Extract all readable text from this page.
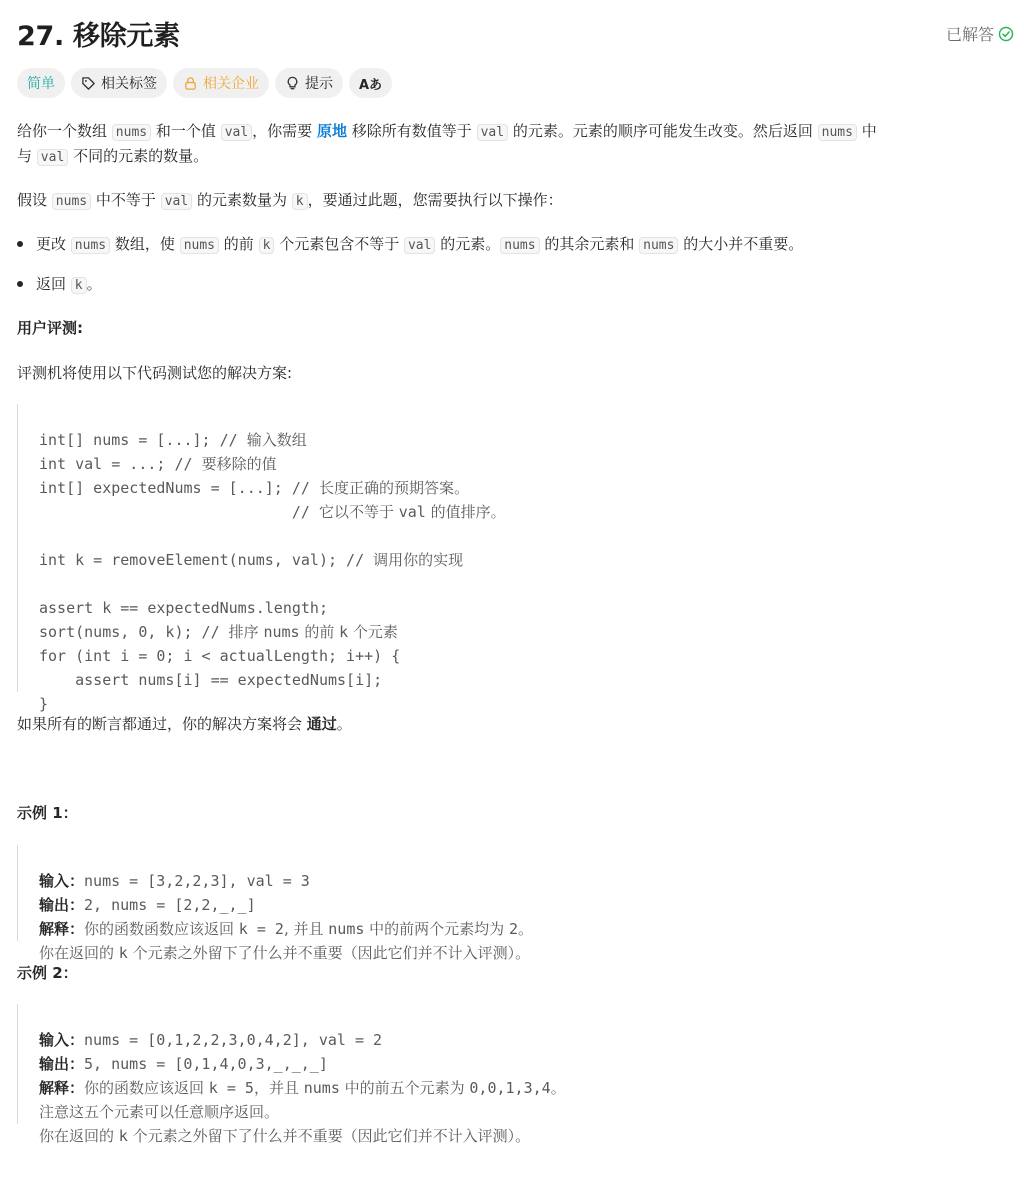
27. 移除元素	已解答
简单	相关标签	相关企业	提示 Aあ
给你一个数组 nums 和一个值 val ，你需要 原地 移除所有数值等于 val 的元素。元素的顺序可能发生改变。然后返回 nums 中
与 val 不同的元素的数量。
假设 nums 中不等于 val 的元素数量为 k ，要通过此题，您需要执行以下操作：
更改 nums 数组，使 nums 的前 k 个元素包含不等于 val 的元素。 nums 的其余元素和 nums 的大小并不重要。
返回 k 。
用户评测:
评测机将使用以下代码测试您的解决方案:

int[] nums = [...]; // 输入数组
int val = ...; // 要移除的值
int[] expectedNums = [...]; // 长度正确的预期答案。
// 它以不等于 val 的值排序。
int k = removeElement(nums, val); // 调用你的实现
assert k == expectedNums.length;
sort(nums, 0, k); // 排序 nums 的前 k 个元素
for (int i = 0; i < actualLength; i++) {
assert nums[i] == expectedNums[i];
}
如果所有的断言都通过，你的解决方案将会 通过。
示例 1：

输入：nums = [3,2,2,3], val = 3
输出：2, nums = [2,2,_,_]
解释：你的函数函数应该返回 k = 2, 并且 nums 中的前两个元素均为 2。
你在返回的 k 个元素之外留下了什么并不重要（因此它们并不计入评测）。
示例 2：

输入：nums = [0,1,2,2,3,0,4,2], val = 2
输出：5, nums = [0,1,4,0,3,_,_,_]
解释：你的函数应该返回 k = 5，并且 nums 中的前五个元素为 0,0,1,3,4。
注意这五个元素可以任意顺序返回。
你在返回的 k 个元素之外留下了什么并不重要（因此它们并不计入评测）。
